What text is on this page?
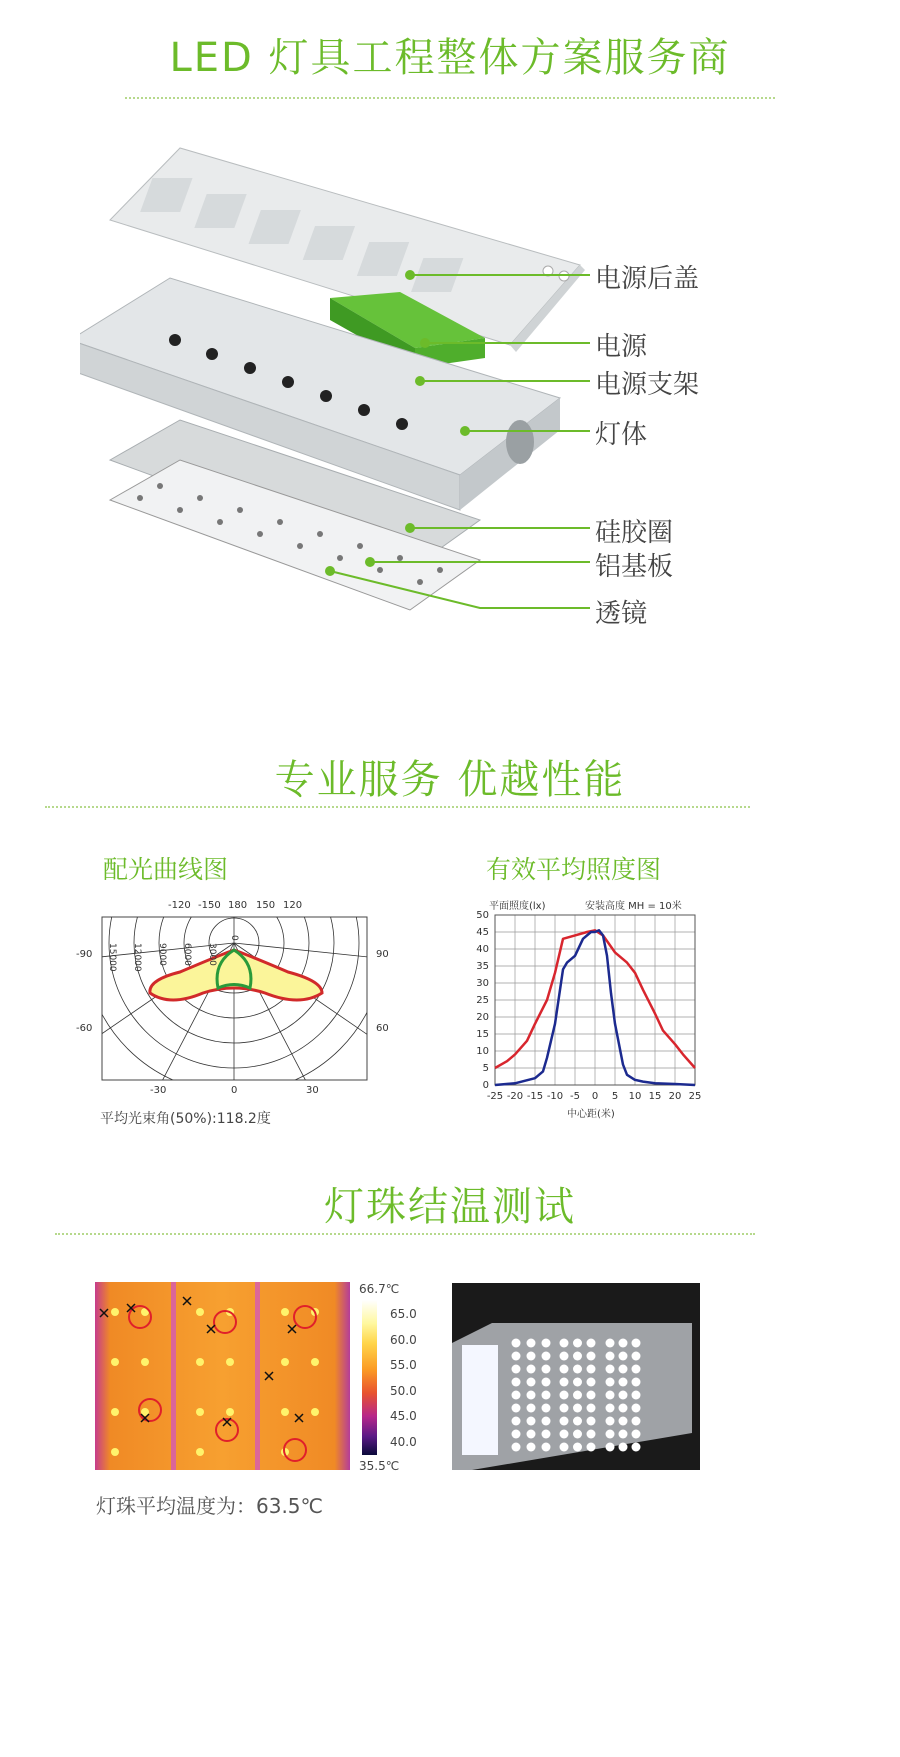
LED 灯具工程整体方案服务商
电源后盖
电源
电源支架
灯体
硅胶圈
铝基板
透镜
专业服务 优越性能
配光曲线图	有效平均照度图
-120 -150 180 150 120
-90
-60
90
60
-30	0	30
15000 12000 9000 6000 3000
0
平均光束角(50%):118.2度
平面照度(lx)	安装高度 MH = 10米
中心距(米)
-25 -20 -15 -10 -5 0 5 10 15 20 25
0
5
10
15
20
25
30
35
40
45
50
灯珠结温测试
66.7℃
65.0
60.0
55.0
50.0
45.0
40.0
35.5℃
灯珠平均温度为：63.5℃
